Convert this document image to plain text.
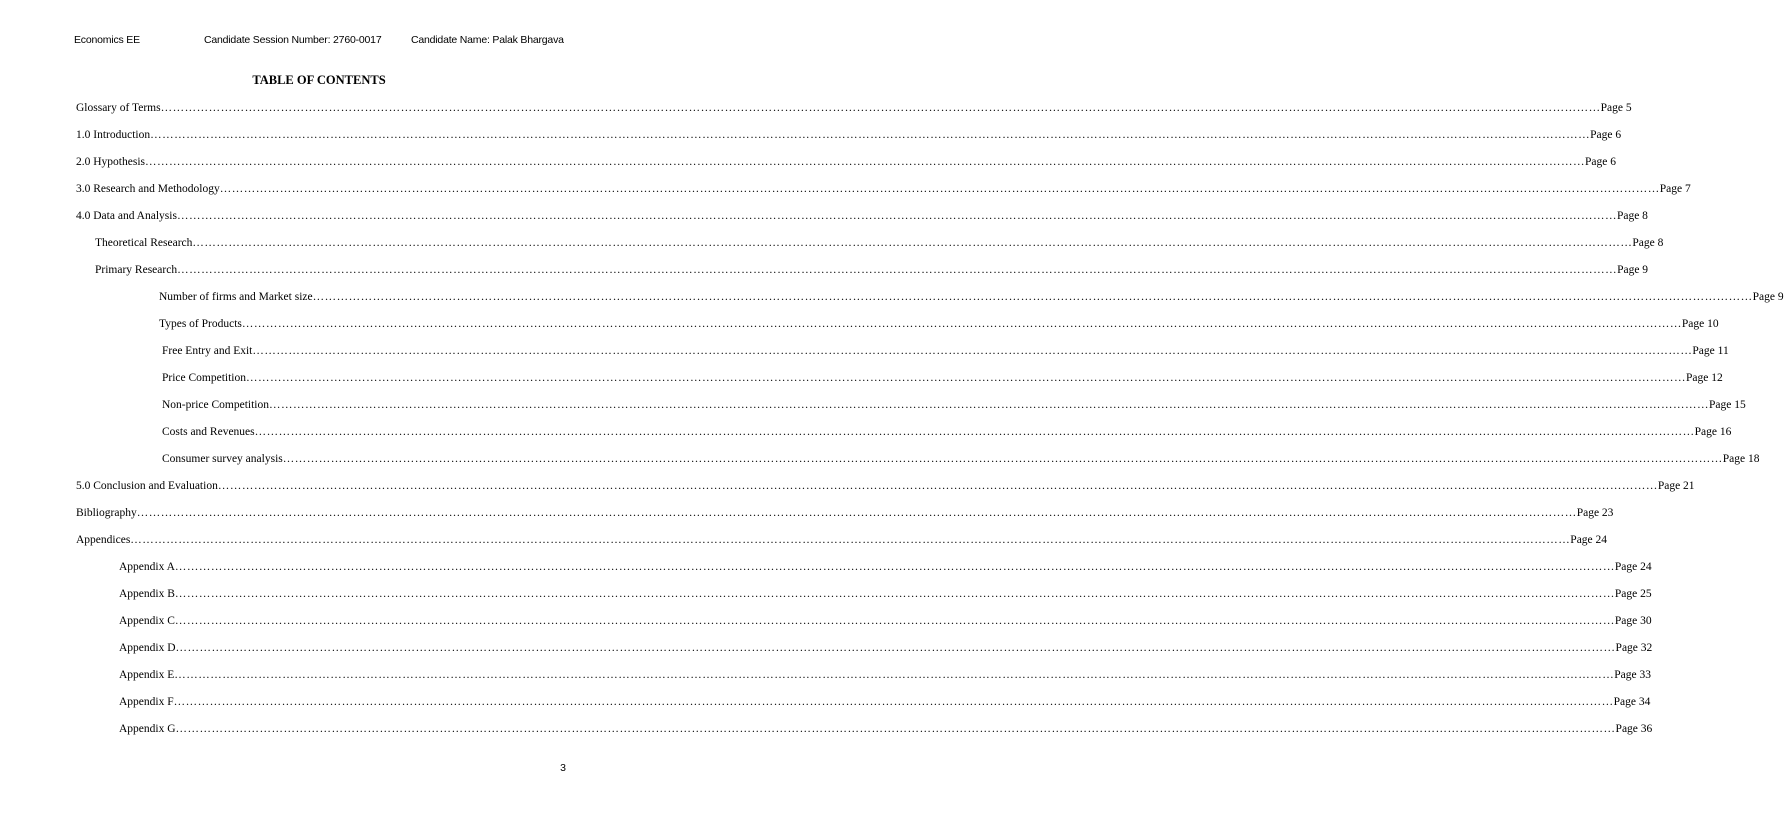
Economics EE	Candidate Session Number: 2760-0017	Candidate Name: Palak Bhargava
TABLE OF CONTENTS
Glossary of Terms ……………………………………………………………………………………………………………………………………………………………………………………………………………………………………………………………………………………………………………………………… Page 5
1.0 Introduction ……………………………………………………………………………………………………………………………………………………………………………………………………………………………………………………………………………………………………………………………… Page 6
2.0 Hypothesis ……………………………………………………………………………………………………………………………………………………………………………………………………………………………………………………………………………………………………………………………… Page 6
3.0 Research and Methodology ……………………………………………………………………………………………………………………………………………………………………………………………………………………………………………………………………………………………………………………………… Page 7
4.0 Data and Analysis ……………………………………………………………………………………………………………………………………………………………………………………………………………………………………………………………………………………………………………………………… Page 8
Theoretical Research ……………………………………………………………………………………………………………………………………………………………………………………………………………………………………………………………………………………………………………………………… Page 8
Primary Research ……………………………………………………………………………………………………………………………………………………………………………………………………………………………………………………………………………………………………………………………… Page 9
Number of firms and Market size ……………………………………………………………………………………………………………………………………………………………………………………………………………………………………………………………………………………………………………………………… Page 9
Types of Products ……………………………………………………………………………………………………………………………………………………………………………………………………………………………………………………………………………………………………………………………… Page 10
Free Entry and Exit ……………………………………………………………………………………………………………………………………………………………………………………………………………………………………………………………………………………………………………………………… Page 11
Price Competition ……………………………………………………………………………………………………………………………………………………………………………………………………………………………………………………………………………………………………………………………… Page 12
Non-price Competition ……………………………………………………………………………………………………………………………………………………………………………………………………………………………………………………………………………………………………………………………… Page 15
Costs and Revenues ……………………………………………………………………………………………………………………………………………………………………………………………………………………………………………………………………………………………………………………………… Page 16
Consumer survey analysis ……………………………………………………………………………………………………………………………………………………………………………………………………………………………………………………………………………………………………………………………… Page 18
5.0 Conclusion and Evaluation ……………………………………………………………………………………………………………………………………………………………………………………………………………………………………………………………………………………………………………………………… Page 21
Bibliography ……………………………………………………………………………………………………………………………………………………………………………………………………………………………………………………………………………………………………………………………… Page 23
Appendices ……………………………………………………………………………………………………………………………………………………………………………………………………………………………………………………………………………………………………………………………… Page 24
Appendix A ……………………………………………………………………………………………………………………………………………………………………………………………………………………………………………………………………………………………………………………………… Page 24
Appendix B ……………………………………………………………………………………………………………………………………………………………………………………………………………………………………………………………………………………………………………………………… Page 25
Appendix C ……………………………………………………………………………………………………………………………………………………………………………………………………………………………………………………………………………………………………………………………… Page 30
Appendix D ……………………………………………………………………………………………………………………………………………………………………………………………………………………………………………………………………………………………………………………………… Page 32
Appendix E ……………………………………………………………………………………………………………………………………………………………………………………………………………………………………………………………………………………………………………………………… Page 33
Appendix F ……………………………………………………………………………………………………………………………………………………………………………………………………………………………………………………………………………………………………………………………… Page 34
Appendix G ……………………………………………………………………………………………………………………………………………………………………………………………………………………………………………………………………………………………………………………………… Page 36
3
